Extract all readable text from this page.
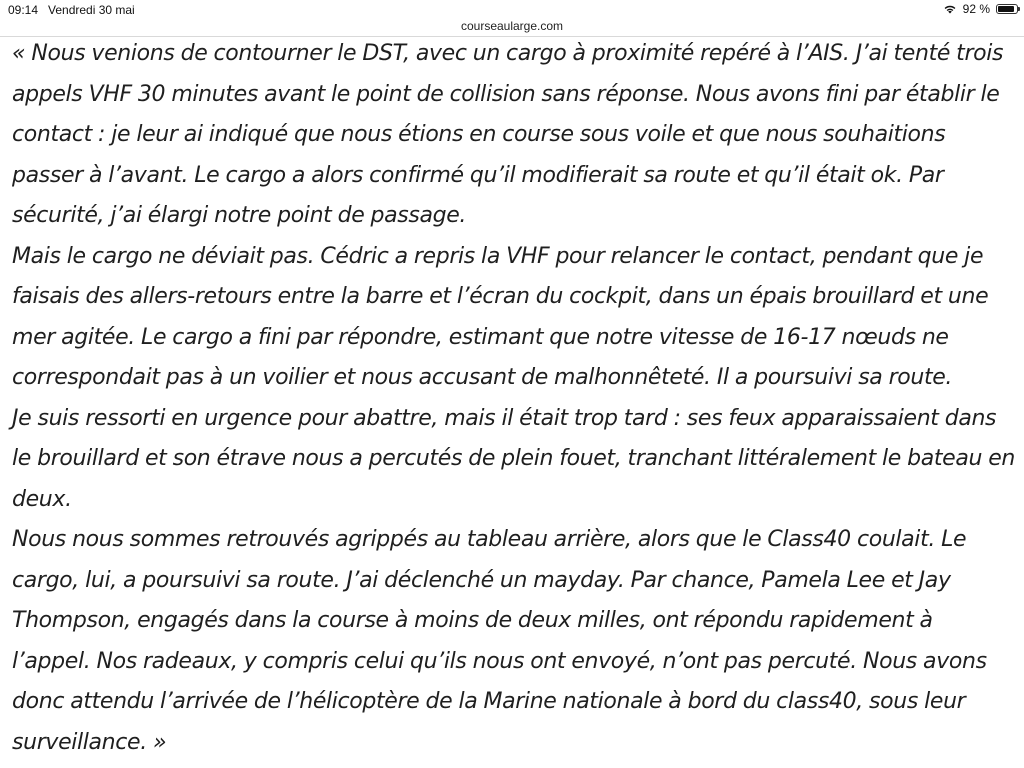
09:14 Vendredi 30 mai	92 %
courseaularge.com

« Nous venions de contourner le DST, avec un cargo à proximité repéré à l’AIS. J’ai tenté trois appels VHF 30 minutes avant le point de collision sans réponse. Nous avons fini par établir le contact : je leur ai indiqué que nous étions en course sous voile et que nous souhaitions passer à l’avant. Le cargo a alors confirmé qu’il modifierait sa route et qu’il était ok. Par sécurité, j’ai élargi notre point de passage.

Mais le cargo ne déviait pas. Cédric a repris la VHF pour relancer le contact, pendant que je faisais des allers-retours entre la barre et l’écran du cockpit, dans un épais brouillard et une mer agitée. Le cargo a fini par répondre, estimant que notre vitesse de 16-17 nœuds ne correspondait pas à un voilier et nous accusant de malhonnêteté. Il a poursuivi sa route.

Je suis ressorti en urgence pour abattre, mais il était trop tard : ses feux apparaissaient dans le brouillard et son étrave nous a percutés de plein fouet, tranchant littéralement le bateau en deux.

Nous nous sommes retrouvés agrippés au tableau arrière, alors que le Class40 coulait. Le cargo, lui, a poursuivi sa route. J’ai déclenché un mayday. Par chance, Pamela Lee et Jay Thompson, engagés dans la course à moins de deux milles, ont répondu rapidement à l’appel. Nos radeaux, y compris celui qu’ils nous ont envoyé, n’ont pas percuté. Nous avons donc attendu l’arrivée de l’hélicoptère de la Marine nationale à bord du class40, sous leur surveillance. »
